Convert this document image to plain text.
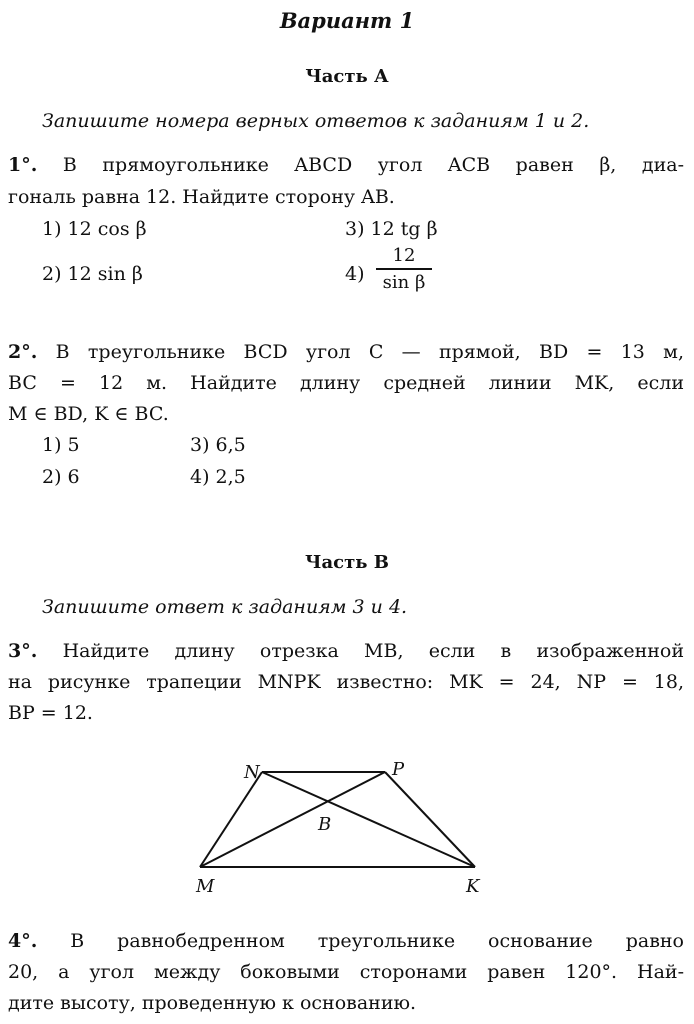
Вариант 1
Часть А
Запишите номера верных ответов к заданиям 1 и 2.
1°. В прямоугольнике ABCD угол ACB равен β, диа-
гональ равна 12. Найдите сторону AB.
1) 12 cos β	3) 12 tg β
2) 12 sin β	4)
12
sin β
2°. В треугольнике BCD угол C — прямой, BD = 13 м,
BC = 12 м. Найдите длину средней линии MK, если
M ∈ BD, K ∈ BC.
1) 5	3) 6,5
2) 6	4) 2,5
Часть В
Запишите ответ к заданиям 3 и 4.
3°. Найдите длину отрезка MB, если в изображенной
на рисунке трапеции MNPK известно: MK = 24, NP = 18,
BP = 12.
N	P
B
M	K
4°. В равнобедренном треугольнике основание равно
20, а угол между боковыми сторонами равен 120°. Най-
дите высоту, проведенную к основанию.
